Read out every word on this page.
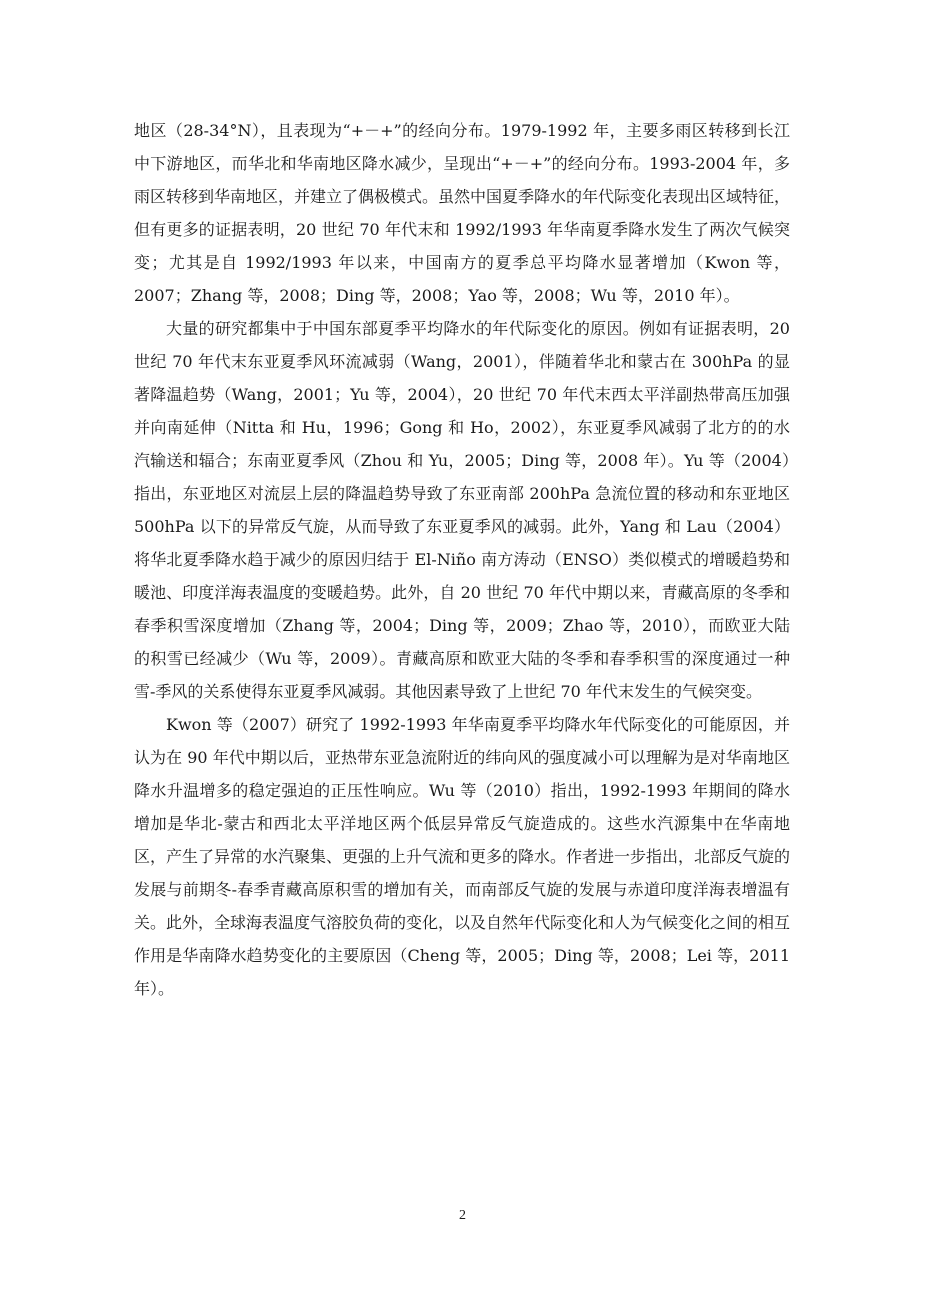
地区（28-34°N），且表现为“+－+”的经向分布。1979-1992 年，主要多雨区转移到长江中下游地区，而华北和华南地区降水减少，呈现出“+－+”的经向分布。1993-2004 年，多雨区转移到华南地区，并建立了偶极模式。虽然中国夏季降水的年代际变化表现出区域特征，但有更多的证据表明，20 世纪 70 年代末和 1992/1993 年华南夏季降水发生了两次气候突变；尤其是自 1992/1993 年以来，中国南方的夏季总平均降水显著增加（Kwon 等，2007；Zhang 等，2008；Ding 等，2008；Yao 等，2008；Wu 等，2010 年）。

大量的研究都集中于中国东部夏季平均降水的年代际变化的原因。例如有证据表明，20 世纪 70 年代末东亚夏季风环流减弱（Wang，2001），伴随着华北和蒙古在 300hPa 的显著降温趋势（Wang，2001；Yu 等，2004），20 世纪 70 年代末西太平洋副热带高压加强并向南延伸（Nitta 和 Hu，1996；Gong 和 Ho，2002），东亚夏季风减弱了北方的的水汽输送和辐合；东南亚夏季风（Zhou 和 Yu，2005；Ding 等，2008 年）。Yu 等（2004）指出，东亚地区对流层上层的降温趋势导致了东亚南部 200hPa 急流位置的移动和东亚地区 500hPa 以下的异常反气旋，从而导致了东亚夏季风的减弱。此外，Yang 和 Lau（2004）将华北夏季降水趋于减少的原因归结于 El-Niño 南方涛动（ENSO）类似模式的增暖趋势和暖池、印度洋海表温度的变暖趋势。此外，自 20 世纪 70 年代中期以来，青藏高原的冬季和春季积雪深度增加（Zhang 等，2004；Ding 等，2009；Zhao 等，2010），而欧亚大陆的积雪已经减少（Wu 等，2009）。青藏高原和欧亚大陆的冬季和春季积雪的深度通过一种雪-季风的关系使得东亚夏季风减弱。其他因素导致了上世纪 70 年代末发生的气候突变。

Kwon 等（2007）研究了 1992-1993 年华南夏季平均降水年代际变化的可能原因，并认为在 90 年代中期以后，亚热带东亚急流附近的纬向风的强度减小可以理解为是对华南地区降水升温增多的稳定强迫的正压性响应。Wu 等（2010）指出，1992-1993 年期间的降水增加是华北-蒙古和西北太平洋地区两个低层异常反气旋造成的。这些水汽源集中在华南地区，产生了异常的水汽聚集、更强的上升气流和更多的降水。作者进一步指出，北部反气旋的发展与前期冬-春季青藏高原积雪的增加有关，而南部反气旋的发展与赤道印度洋海表增温有关。此外，全球海表温度气溶胶负荷的变化，以及自然年代际变化和人为气候变化之间的相互作用是华南降水趋势变化的主要原因（Cheng 等，2005；Ding 等，2008；Lei 等，2011 年）。

2
